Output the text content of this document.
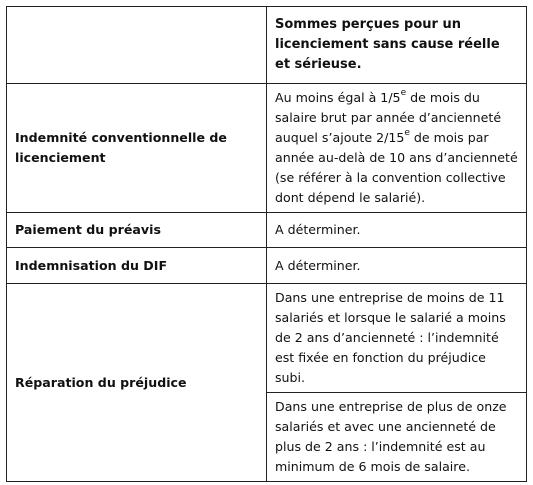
	Sommes perçues pour un licenciement sans cause réelle et sérieuse.

Indemnité conventionnelle de licenciement	Au moins égal à 1/5e de mois du salaire brut par année d’ancienneté auquel s’ajoute 2/15e de mois par année au-delà de 10 ans d’ancienneté (se référer à la convention collective dont dépend le salarié).
Paiement du préavis	A déterminer.
Indemnisation du DIF	A déterminer.
Réparation du préjudice	Dans une entreprise de moins de 11 salariés et lorsque le salarié a moins de 2 ans d’ancienneté : l’indemnité est fixée en fonction du préjudice subi.
	Dans une entreprise de plus de onze salariés et avec une ancienneté de plus de 2 ans : l’indemnité est au minimum de 6 mois de salaire.
